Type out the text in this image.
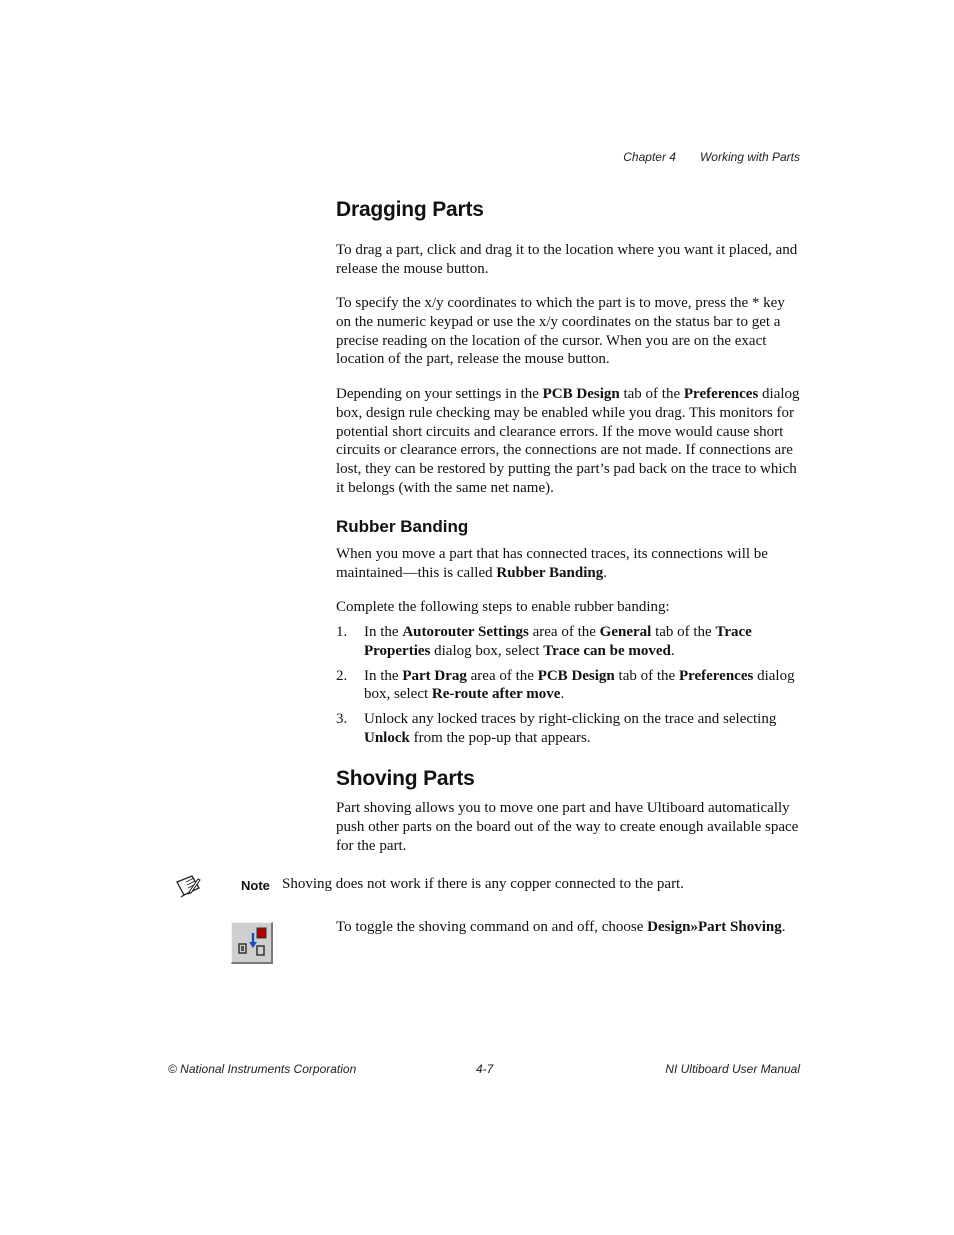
Chapter 4 Working with Parts
Dragging Parts

To drag a part, click and drag it to the location where you want it placed, and release the mouse button.

To specify the x/y coordinates to which the part is to move, press the * key on the numeric keypad or use the x/y coordinates on the status bar to get a precise reading on the location of the cursor. When you are on the exact location of the part, release the mouse button.

Depending on your settings in the PCB Design tab of the Preferences dialog box, design rule checking may be enabled while you drag. This monitors for potential short circuits and clearance errors. If the move would cause short circuits or clearance errors, the connections are not made. If connections are lost, they can be restored by putting the part’s pad back on the trace to which it belongs (with the same net name).

Rubber Banding

When you move a part that has connected traces, its connections will be maintained—this is called Rubber Banding.

Complete the following steps to enable rubber banding:

1. In the Autorouter Settings area of the General tab of the Trace Properties dialog box, select Trace can be moved.
2. In the Part Drag area of the PCB Design tab of the Preferences dialog box, select Re-route after move.
3. Unlock any locked traces by right-clicking on the trace and selecting Unlock from the pop-up that appears.
Shoving Parts

Part shoving allows you to move one part and have Ultiboard automatically push other parts on the board out of the way to create enough available space for the part.

Note Shoving does not work if there is any copper connected to the part.

To toggle the shoving command on and off, choose Design»Part Shoving.

© National Instruments Corporation	4-7	NI Ultiboard User Manual
